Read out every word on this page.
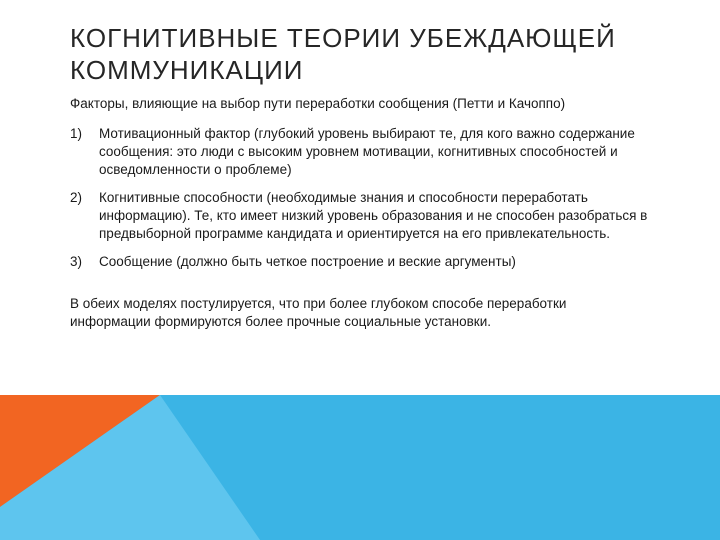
КОГНИТИВНЫЕ ТЕОРИИ УБЕЖДАЮЩЕЙ
КОММУНИКАЦИИ

Факторы, влияющие на выбор пути переработки сообщения (Петти и Качоппо)

1)	Мотивационный фактор (глубокий уровень выбирают те, для кого важно содержание сообщения: это люди с высоким уровнем мотивации, когнитивных способностей и осведомленности о проблеме)
2)	Когнитивные способности (необходимые знания и способности переработать информацию). Те, кто имеет низкий уровень образования и не способен разобраться в предвыборной программе кандидата и ориентируется на его привлекательность.
3)	Сообщение (должно быть четкое построение и веские аргументы)

В обеих моделях постулируется, что при более глубоком способе переработки информации формируются более прочные социальные установки.
